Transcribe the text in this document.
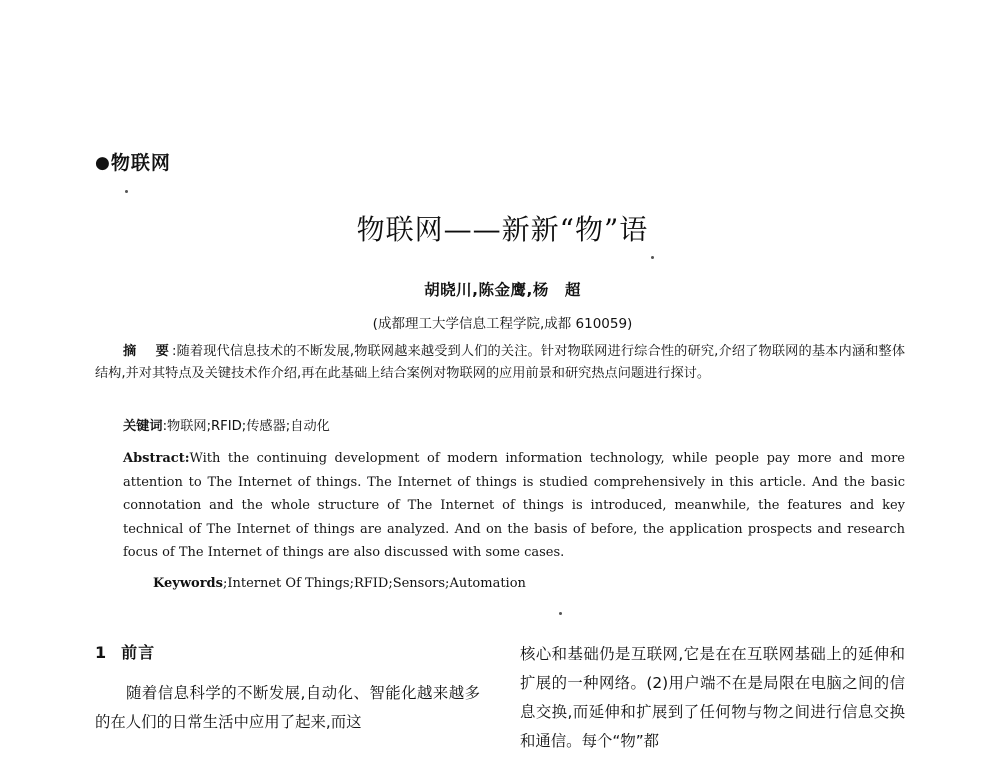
●物联网
物联网——新新“物”语
胡晓川,陈金鹰,杨　超
(成都理工大学信息工程学院,成都 610059)
摘　要:随着现代信息技术的不断发展,物联网越来越受到人们的关注。针对物联网进行综合性的研究,介绍了物联网的基本内涵和整体结构,并对其特点及关键技术作介绍,再在此基础上结合案例对物联网的应用前景和研究热点问题进行探讨。
关键词:物联网;RFID;传感器;自动化
Abstract:With the continuing development of modern information technology, while people pay more and more attention to The Internet of things. The Internet of things is studied comprehensively in this article. And the basic connotation and the whole structure of The Internet of things is introduced, meanwhile, the features and key technical of The Internet of things are analyzed. And on the basis of before, the application prospects and research focus of The Internet of things are also discussed with some cases.
Keywords;Internet Of Things;RFID;Sensors;Automation
1 前言

随着信息科学的不断发展,自动化、智能化越来越多的在人们的日常生活中应用了起来,而这

核心和基础仍是互联网,它是在在互联网基础上的延伸和扩展的一种网络。(2)用户端不在是局限在电脑之间的信息交换,而延伸和扩展到了任何物与物之间进行信息交换和通信。每个“物”都
